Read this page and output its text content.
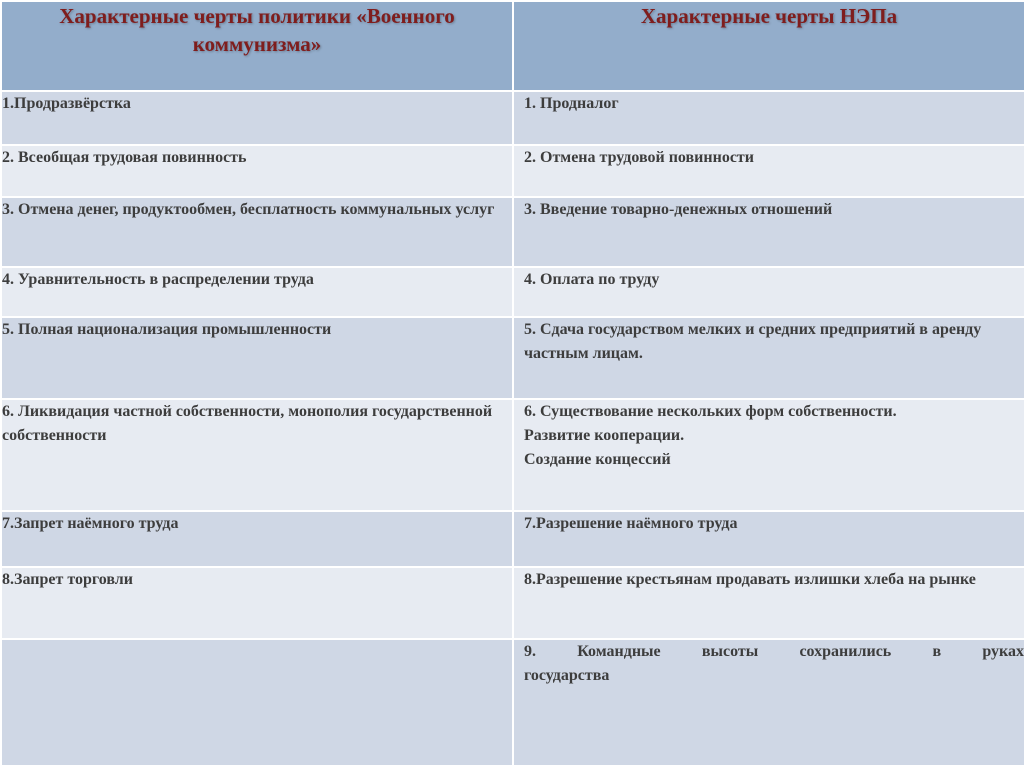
Характерные черты политики «Военного коммунизма»	Характерные черты НЭПа
1.Продразвёрстка	1. Продналог
2. Всеобщая трудовая повинность	2. Отмена трудовой повинности
3. Отмена денег, продуктообмен, бесплатность коммунальных услуг	3. Введение товарно-денежных отношений
4. Уравнительность в распределении труда	4. Оплата по труду
5. Полная национализация промышленности	5. Сдача государством мелких и средних предприятий в аренду частным лицам.
6. Ликвидация частной собственности, монополия государственной собственности	6. Существование нескольких форм собственности.
Развитие кооперации.
Создание концессий

7.Запрет наёмного труда	7.Разрешение наёмного труда
8.Запрет торговли	8.Разрешение крестьянам продавать излишки хлеба на рынке

	9. Командные высоты сохранились в руках
государства
